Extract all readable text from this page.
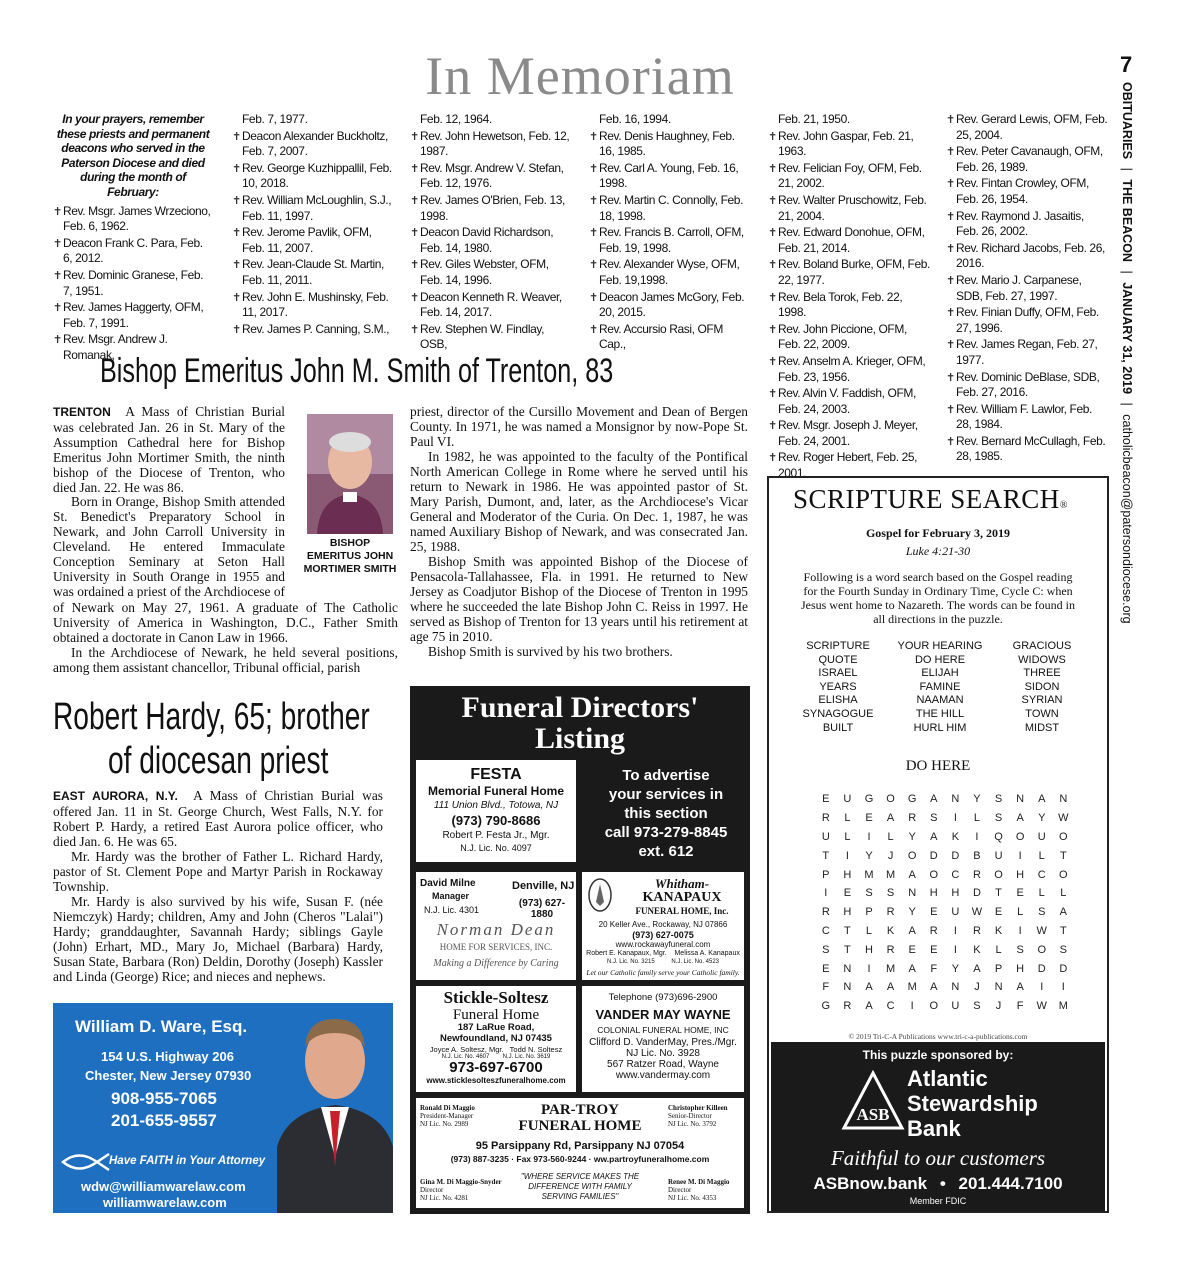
In Memoriam	7
OBITUARIES | THE BEACON | JANUARY 31, 2019 | catholicbeacon@patersondiocese.org

In your prayers, remember these priests and permanent deacons who served in the Paterson Diocese and died during the month of February:

✝Rev. Msgr. James Wrzeciono, Feb. 6, 1962.

✝Deacon Frank C. Para, Feb. 6, 2012.

✝Rev. Dominic Granese, Feb. 7, 1951.

✝Rev. James Haggerty, OFM, Feb. 7, 1991.

✝Rev. Msgr. Andrew J. Romanak,

Feb. 7, 1977.

✝Deacon Alexander Buckholtz, Feb. 7, 2007.

✝Rev. George Kuzhippallil, Feb. 10, 2018.

✝Rev. William McLoughlin, S.J., Feb. 11, 1997.

✝Rev. Jerome Pavlik, OFM, Feb. 11, 2007.

✝Rev. Jean-Claude St. Martin, Feb. 11, 2011.

✝Rev. John E. Mushinsky, Feb. 11, 2017.

✝Rev. James P. Canning, S.M.,

Feb. 12, 1964.

✝Rev. John Hewetson, Feb. 12, 1987.

✝Rev. Msgr. Andrew V. Stefan, Feb. 12, 1976.

✝Rev. James O'Brien, Feb. 13, 1998.

✝Deacon David Richardson, Feb. 14, 1980.

✝Rev. Giles Webster, OFM, Feb. 14, 1996.

✝Deacon Kenneth R. Weaver, Feb. 14, 2017.

✝Rev. Stephen W. Findlay, OSB,

Feb. 16, 1994.

✝Rev. Denis Haughney, Feb. 16, 1985.

✝Rev. Carl A. Young, Feb. 16, 1998.

✝Rev. Martin C. Connolly, Feb. 18, 1998.

✝Rev. Francis B. Carroll, OFM, Feb. 19, 1998.

✝Rev. Alexander Wyse, OFM, Feb. 19,1998.

✝Deacon James McGory, Feb. 20, 2015.

✝Rev. Accursio Rasi, OFM Cap.,

Feb. 21, 1950.

✝Rev. John Gaspar, Feb. 21, 1963.

✝Rev. Felician Foy, OFM, Feb. 21, 2002.

✝Rev. Walter Pruschowitz, Feb. 21, 2004.

✝Rev. Edward Donohue, OFM, Feb. 21, 2014.

✝Rev. Boland Burke, OFM, Feb. 22, 1977.

✝Rev. Bela Torok, Feb. 22, 1998.

✝Rev. John Piccione, OFM, Feb. 22, 2009.

✝Rev. Anselm A. Krieger, OFM, Feb. 23, 1956.

✝Rev. Alvin V. Faddish, OFM, Feb. 24, 2003.

✝Rev. Msgr. Joseph J. Meyer, Feb. 24, 2001.

✝Rev. Roger Hebert, Feb. 25, 2001.

✝Rev. Gerard Lewis, OFM, Feb. 25, 2004.

✝Rev. Peter Cavanaugh, OFM, Feb. 26, 1989.

✝Rev. Fintan Crowley, OFM, Feb. 26, 1954.

✝Rev. Raymond J. Jasaitis, Feb. 26, 2002.

✝Rev. Richard Jacobs, Feb. 26, 2016.

✝Rev. Mario J. Carpanese, SDB, Feb. 27, 1997.

✝Rev. Finian Duffy, OFM, Feb. 27, 1996.

✝Rev. James Regan, Feb. 27, 1977.

✝Rev. Dominic DeBlase, SDB, Feb. 27, 2016.

✝Rev. William F. Lawlor, Feb. 28, 1984.

✝Rev. Bernard McCullagh, Feb. 28, 1985.

Bishop Emeritus John M. Smith of Trenton, 83

TRENTON A Mass of Christian Burial was celebrated Jan. 26 in St. Mary of the Assumption Cathedral here for Bishop Emeritus John Mortimer Smith, the ninth bishop of the Diocese of Trenton, who died Jan. 22. He was 86.

Born in Orange, Bishop Smith attended St. Benedict's Preparatory School in Newark, and John Carroll University in Cleveland. He entered Immaculate Conception Seminary at Seton Hall University in South Orange in 1955 and was ordained a priest of the Archdiocese of

of Newark on May 27, 1961. A graduate of The Catholic University of America in Washington, D.C., Father Smith obtained a doctorate in Canon Law in 1966.

In the Archdiocese of Newark, he held several positions, among them assistant chancellor, Tribunal official, parish

BISHOP EMERITUS JOHN MORTIMER SMITH

priest, director of the Cursillo Movement and Dean of Bergen County. In 1971, he was named a Monsignor by now-Pope St. Paul VI.

In 1982, he was appointed to the faculty of the Pontifical North American College in Rome where he served until his return to Newark in 1986. He was appointed pastor of St. Mary Parish, Dumont, and, later, as the Archdiocese's Vicar General and Moderator of the Curia. On Dec. 1, 1987, he was named Auxiliary Bishop of Newark, and was consecrated Jan. 25, 1988.

Bishop Smith was appointed Bishop of the Diocese of Pensacola-Tallahassee, Fla. in 1991. He returned to New Jersey as Coadjutor Bishop of the Diocese of Trenton in 1995 where he succeeded the late Bishop John C. Reiss in 1997. He served as Bishop of Trenton for 13 years until his retirement at age 75 in 2010.

Bishop Smith is survived by his two brothers.

Robert Hardy, 65; brother
of diocesan priest

EAST AURORA, N.Y. A Mass of Christian Burial was offered Jan. 11 in St. George Church, West Falls, N.Y. for Robert P. Hardy, a retired East Aurora police officer, who died Jan. 6. He was 65.

Mr. Hardy was the brother of Father L. Richard Hardy, pastor of St. Clement Pope and Martyr Parish in Rockaway Township.

Mr. Hardy is also survived by his wife, Susan F. (née Niemczyk) Hardy; children, Amy and John (Cheros "Lalai") Hardy; granddaughter, Savannah Hardy; siblings Gayle (John) Erhart, MD., Mary Jo, Michael (Barbara) Hardy, Susan State, Barbara (Ron) Deldin, Dorothy (Joseph) Kassler and Linda (George) Rice; and nieces and nephews.

William D. Ware, Esq.
154 U.S. Highway 206
Chester, New Jersey 07930
908-955-7065
201-655-9557
Have FAITH in Your Attorney
wdw@williamwarelaw.com
williamwarelaw.com
Funeral Directors'
Listing
FESTA
Memorial Funeral Home
111 Union Blvd., Totowa, NJ
(973) 790-8686
Robert P. Festa Jr., Mgr.
N.J. Lic. No. 4097
To advertise
your services in
this section
call 973-279-8845
ext. 612
David Milne
Manager
N.J. Lic. 4301
Denville, NJ
(973) 627-1880
Norman Dean
HOME FOR SERVICES, INC.
Making a Difference by Caring
Whitham-
KANAPAUX
FUNERAL HOME, Inc.
20 Keller Ave., Rockaway, NJ 07866
(973) 627-0075
www.rockawayfuneral.com
Robert E. Kanapaux, Mgr.    Melissa A. Kanapaux
N.J. Lic. No. 3215          N.J. Lic. No. 4523
Let our Catholic family serve your Catholic family.
Stickle-Soltesz
Funeral Home
187 LaRue Road,
Newfoundland, NJ 07435
Joyce A. Soltesz, Mgr.   Todd N. Soltesz
N.J. Lic. No. 4607        N.J. Lic. No. 3619
973-697-6700
www.sticklesolteszfuneralhome.com
Telephone (973)696-2900
VANDER MAY WAYNE
COLONIAL FUNERAL HOME, INC
Clifford D. VanderMay, Pres./Mgr.
NJ Lic. No. 3928
567 Ratzer Road, Wayne
www.vandermay.com
Ronald Di Maggio
President-Manager
NJ Lic. No. 2989
PAR-TROY
FUNERAL HOME
Christopher Killeen
Senior-Director
NJ Lic. No. 3792
95 Parsippany Rd, Parsippany NJ 07054
(973) 887-3235 · Fax 973-560-9244 · ww.partroyfuneralhome.com
Gina M. Di Maggio-Snyder
Director
NJ Lic. No. 4281
"WHERE SERVICE MAKES THE DIFFERENCE WITH FAMILY SERVING FAMILIES"
Renee M. Di Maggio
Director
NJ Lic. No. 4353
SCRIPTURE SEARCH®
Gospel for February 3, 2019
Luke 4:21-30
Following is a word search based on the Gospel reading for the Fourth Sunday in Ordinary Time, Cycle C: when Jesus went home to Nazareth. The words can be found in all directions in the puzzle.
SCRIPTURE
QUOTE
ISRAEL
YEARS
ELISHA
SYNAGOGUE
BUILT
YOUR HEARING
DO HERE
ELIJAH
FAMINE
NAAMAN
THE HILL
HURL HIM
GRACIOUS
WIDOWS
THREE
SIDON
SYRIAN
TOWN
MIDST
DO HERE
E	U	G	O	G	A	N	Y	S	N	A	N
R	L	E	A	R	S	I	L	S	A	Y	W
U	L	I	L	Y	A	K	I	Q	O	U	O
T	I	Y	J	O	D	D	B	U	I	L	T
P	H	M	M	A	O	C	R	O	H	C	O
I	E	S	S	N	H	H	D	T	E	L	L
R	H	P	R	Y	E	U	W	E	L	S	A
C	T	L	K	A	R	I	R	K	I	W	T
S	T	H	R	E	E	I	K	L	S	O	S
E	N	I	M	A	F	Y	A	P	H	D	D
F	N	A	A	M	A	N	J	N	A	I	I
G	R	A	C	I	O	U	S	J	F	W	M
© 2019 Tri-C-A Publications www.tri-c-a-publications.com
This puzzle sponsored by:
ASB
Atlantic
Stewardship
Bank
Faithful to our customers
ASBnow.bank • 201.444.7100
Member FDIC
